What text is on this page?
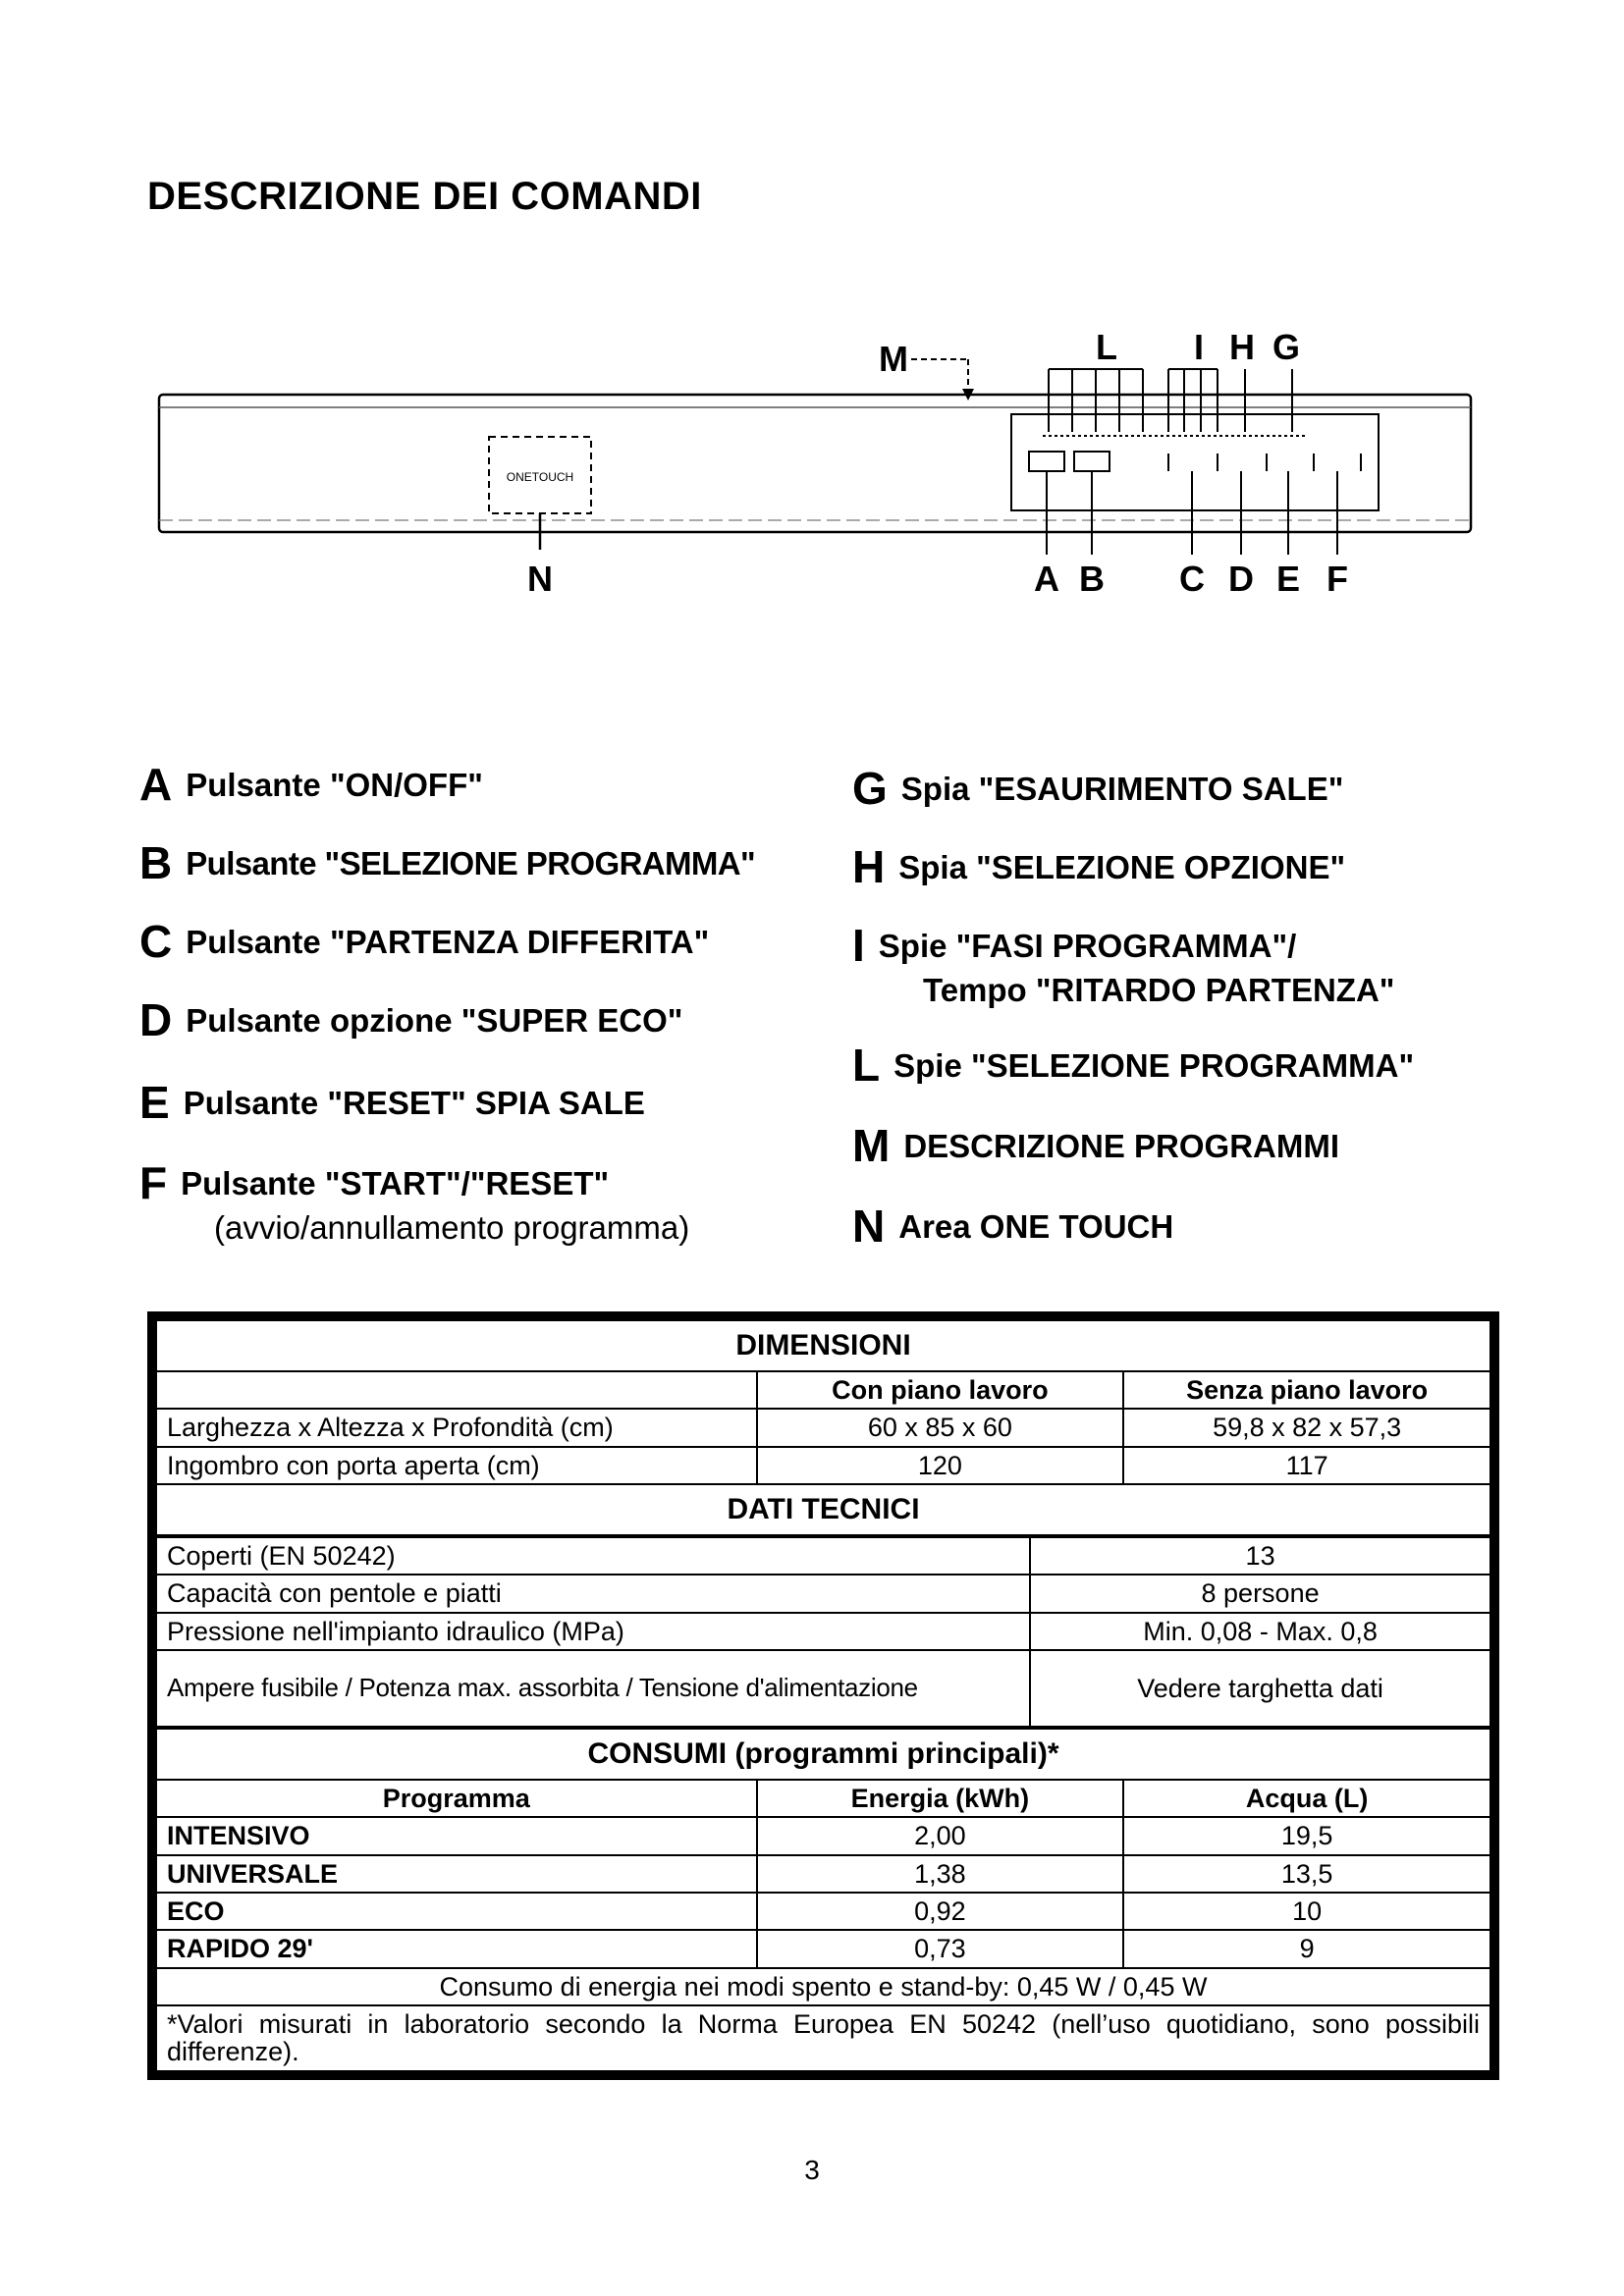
DESCRIZIONE DEI COMANDI
ONETOUCH
N
M	L I H G
A B C D E F
A Pulsante "ON/OFF"
B Pulsante "SELEZIONE PROGRAMMA"
C Pulsante "PARTENZA DIFFERITA"
D Pulsante opzione "SUPER ECO"
E Pulsante "RESET" SPIA SALE
F Pulsante "START"/"RESET"
(avvio/annullamento programma)
G Spia "ESAURIMENTO SALE"
H Spia "SELEZIONE OPZIONE"
I Spie "FASI PROGRAMMA"/
Tempo "RITARDO PARTENZA"
L Spie "SELEZIONE PROGRAMMA"
M DESCRIZIONE PROGRAMMI
N Area ONE TOUCH
DIMENSIONI		
	Con piano lavoro	Senza piano lavoro
Larghezza x Altezza x Profondità (cm)	60 x 85 x 60	59,8 x 82 x 57,3
Ingombro con porta aperta (cm)	120	117
DATI TECNICI		
Coperti (EN 50242)	13
Capacità con pentole e piatti	8 persone
Pressione nell'impianto idraulico (MPa)	Min. 0,08 - Max. 0,8
Ampere fusibile / Potenza max. assorbita / Tensione d'alimentazione	Vedere targhetta dati
CONSUMI (programmi principali)*		
Programma	Energia (kWh)	Acqua (L)
INTENSIVO	2,00	19,5
UNIVERSALE	1,38	13,5
ECO	0,92	10
RAPIDO 29'	0,73	9
Consumo di energia nei modi spento e stand-by: 0,45 W / 0,45 W		
*Valori misurati in laboratorio secondo la Norma Europea EN 50242 (nell’uso quotidiano, sono possibili differenze).		
3
